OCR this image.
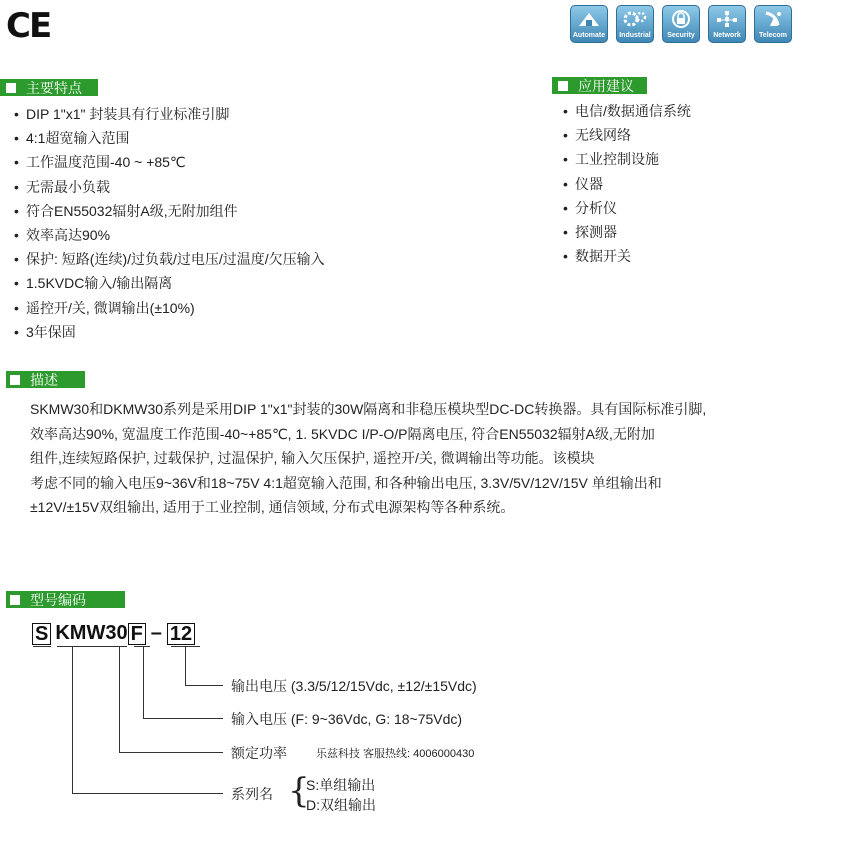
CE	Automate	Industrial	Security	Network	Telecom
主要特点
• DIP 1"x1" 封装具有行业标准引脚
• 4:1超宽输入范围
• 工作温度范围-40 ~ +85℃
• 无需最小负载
• 符合EN55032辐射A级,无附加组件
• 效率高达90%
• 保护: 短路(连续)/过负载/过电压/过温度/欠压输入
• 1.5KVDC输入/输出隔离
• 遥控开/关, 微调输出(±10%)
• 3年保固
应用建议
• 电信/数据通信系统
• 无线网络
• 工业控制设施
• 仪器
• 分析仪
• 探测器
• 数据开关
描述
SKMW30和DKMW30系列是采用DIP 1"x1"封装的30W隔离和非稳压模块型DC-DC转换器。具有国际标准引脚,
效率高达90%, 宽温度工作范围-40~+85℃, 1. 5KVDC I/P-O/P隔离电压, 符合EN55032辐射A级,无附加
组件,连续短路保护, 过载保护, 过温保护, 输入欠压保护, 遥控开/关, 微调输出等功能。该模块
考虑不同的输入电压9~36V和18~75V 4:1超宽输入范围, 和各种输出电压, 3.3V/5V/12V/15V 单组输出和
±12V/±15V双组输出, 适用于工业控制, 通信领域, 分布式电源架构等各种系统。
型号编码
S KMW30 F – 12
输出电压 (3.3/5/12/15Vdc, ±12/±15Vdc)
输入电压 (F: 9~36Vdc, G: 18~75Vdc)
额定功率	乐兹科技 客服热线: 4006000430
系列名 {
S:单组输出
D:双组输出
